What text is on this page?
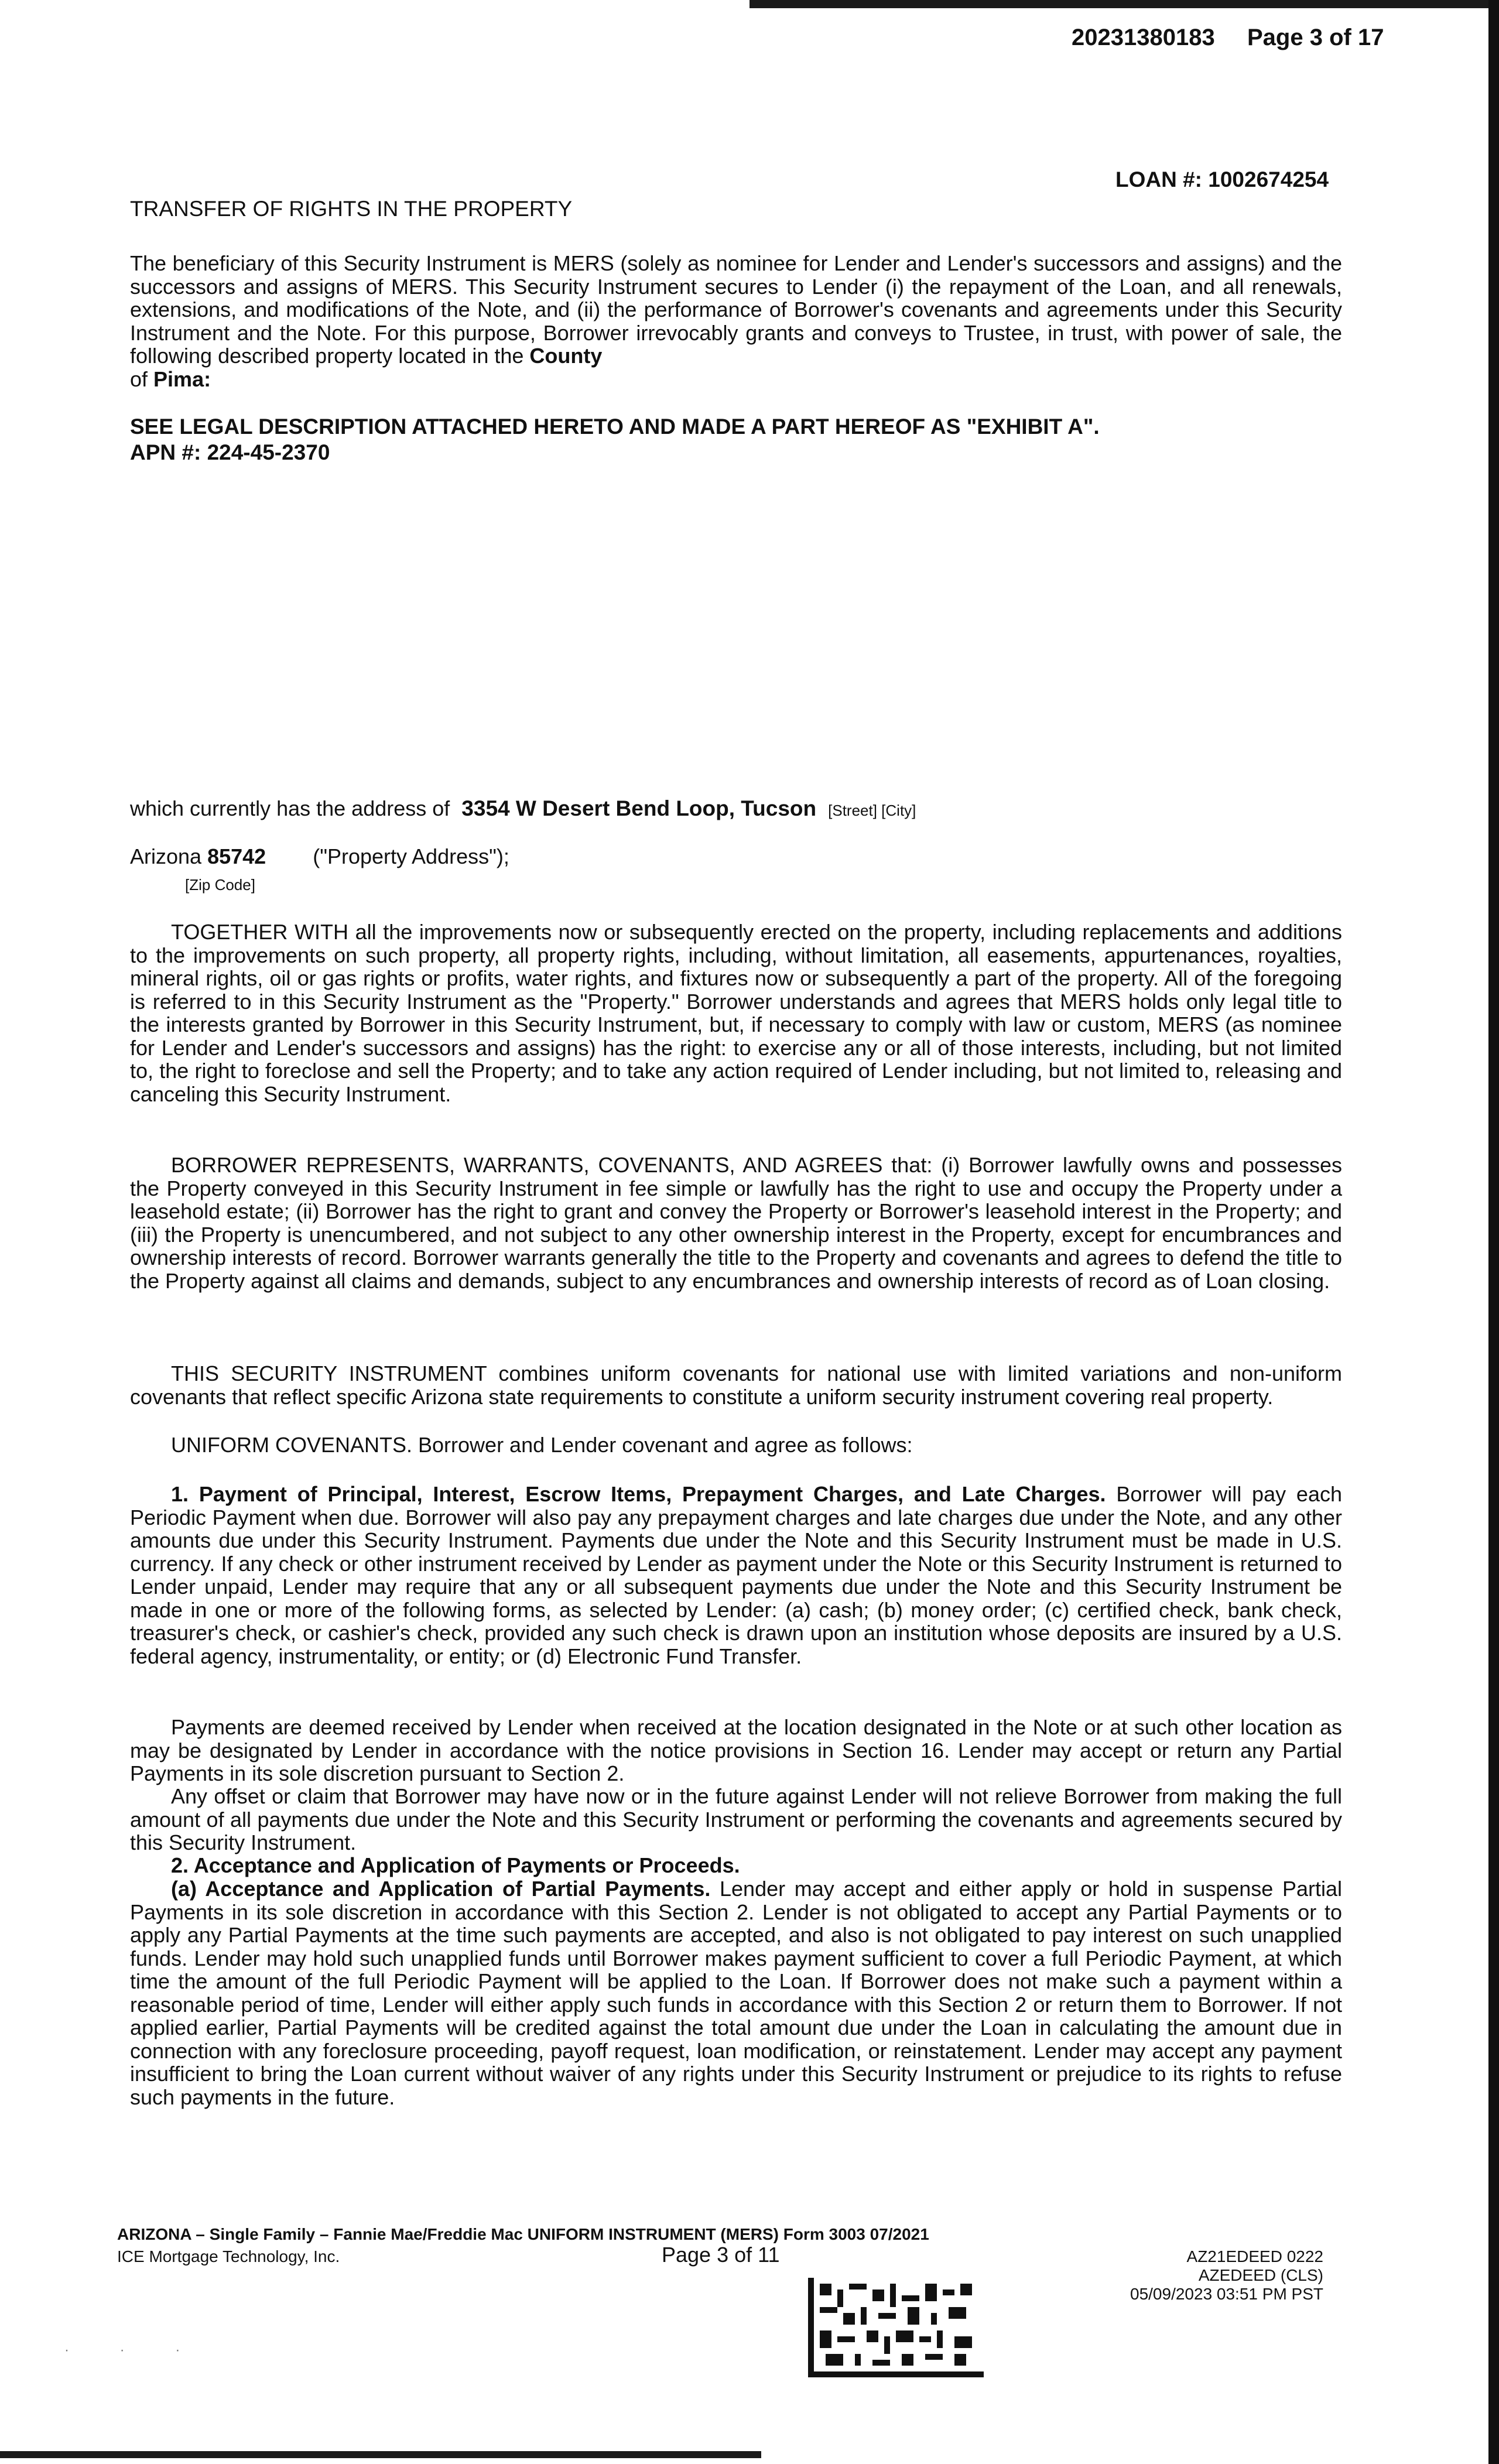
20231380183 Page 3 of 17
LOAN #: 1002674254
TRANSFER OF RIGHTS IN THE PROPERTY
The beneficiary of this Security Instrument is MERS (solely as nominee for Lender and Lender's successors and assigns) and the successors and assigns of MERS. This Security Instrument secures to Lender (i) the repayment of the Loan, and all renewals, extensions, and modifications of the Note, and (ii) the performance of Borrower's covenants and agreements under this Security Instrument and the Note. For this purpose, Borrower irrevocably grants and conveys to Trustee, in trust, with power of sale, the following described property located in the County
of Pima:
SEE LEGAL DESCRIPTION ATTACHED HERETO AND MADE A PART HEREOF AS "EXHIBIT A".
APN #: 224-45-2370
which currently has the address of 3354 W Desert Bend Loop, Tucson [Street] [City]
Arizona 85742 ("Property Address");
[Zip Code]
TOGETHER WITH all the improvements now or subsequently erected on the property, including replacements and additions to the improvements on such property, all property rights, including, without limitation, all easements, appurtenances, royalties, mineral rights, oil or gas rights or profits, water rights, and fixtures now or subsequently a part of the property. All of the foregoing is referred to in this Security Instrument as the "Property." Borrower understands and agrees that MERS holds only legal title to the interests granted by Borrower in this Security Instrument, but, if necessary to comply with law or custom, MERS (as nominee for Lender and Lender's successors and assigns) has the right: to exercise any or all of those interests, including, but not limited to, the right to foreclose and sell the Property; and to take any action required of Lender including, but not limited to, releasing and canceling this Security Instrument.
BORROWER REPRESENTS, WARRANTS, COVENANTS, AND AGREES that: (i) Borrower lawfully owns and possesses the Property conveyed in this Security Instrument in fee simple or lawfully has the right to use and occupy the Property under a leasehold estate; (ii) Borrower has the right to grant and convey the Property or Borrower's leasehold interest in the Property; and (iii) the Property is unencumbered, and not subject to any other ownership interest in the Property, except for encumbrances and ownership interests of record. Borrower warrants generally the title to the Property and covenants and agrees to defend the title to the Property against all claims and demands, subject to any encumbrances and ownership interests of record as of Loan closing.
THIS SECURITY INSTRUMENT combines uniform covenants for national use with limited variations and non-uniform covenants that reflect specific Arizona state requirements to constitute a uniform security instrument covering real property.
UNIFORM COVENANTS. Borrower and Lender covenant and agree as follows:
1. Payment of Principal, Interest, Escrow Items, Prepayment Charges, and Late Charges. Borrower will pay each Periodic Payment when due. Borrower will also pay any prepayment charges and late charges due under the Note, and any other amounts due under this Security Instrument. Payments due under the Note and this Security Instrument must be made in U.S. currency. If any check or other instrument received by Lender as payment under the Note or this Security Instrument is returned to Lender unpaid, Lender may require that any or all subsequent payments due under the Note and this Security Instrument be made in one or more of the following forms, as selected by Lender: (a) cash; (b) money order; (c) certified check, bank check, treasurer's check, or cashier's check, provided any such check is drawn upon an institution whose deposits are insured by a U.S. federal agency, instrumentality, or entity; or (d) Electronic Fund Transfer.
Payments are deemed received by Lender when received at the location designated in the Note or at such other location as may be designated by Lender in accordance with the notice provisions in Section 16. Lender may accept or return any Partial Payments in its sole discretion pursuant to Section 2.
Any offset or claim that Borrower may have now or in the future against Lender will not relieve Borrower from making the full amount of all payments due under the Note and this Security Instrument or performing the covenants and agreements secured by this Security Instrument.
2. Acceptance and Application of Payments or Proceeds.
(a) Acceptance and Application of Partial Payments. Lender may accept and either apply or hold in suspense Partial Payments in its sole discretion in accordance with this Section 2. Lender is not obligated to accept any Partial Payments or to apply any Partial Payments at the time such payments are accepted, and also is not obligated to pay interest on such unapplied funds. Lender may hold such unapplied funds until Borrower makes payment sufficient to cover a full Periodic Payment, at which time the amount of the full Periodic Payment will be applied to the Loan. If Borrower does not make such a payment within a reasonable period of time, Lender will either apply such funds in accordance with this Section 2 or return them to Borrower. If not applied earlier, Partial Payments will be credited against the total amount due under the Loan in calculating the amount due in connection with any foreclosure proceeding, payoff request, loan modification, or reinstatement. Lender may accept any payment insufficient to bring the Loan current without waiver of any rights under this Security Instrument or prejudice to its rights to refuse such payments in the future.
ARIZONA – Single Family – Fannie Mae/Freddie Mac UNIFORM INSTRUMENT (MERS) Form 3003 07/2021
ICE Mortgage Technology, Inc.	Page 3 of 11	AZ21EDEED 0222
AZEDEED (CLS)
05/09/2023 03:51 PM PST
· · ·
